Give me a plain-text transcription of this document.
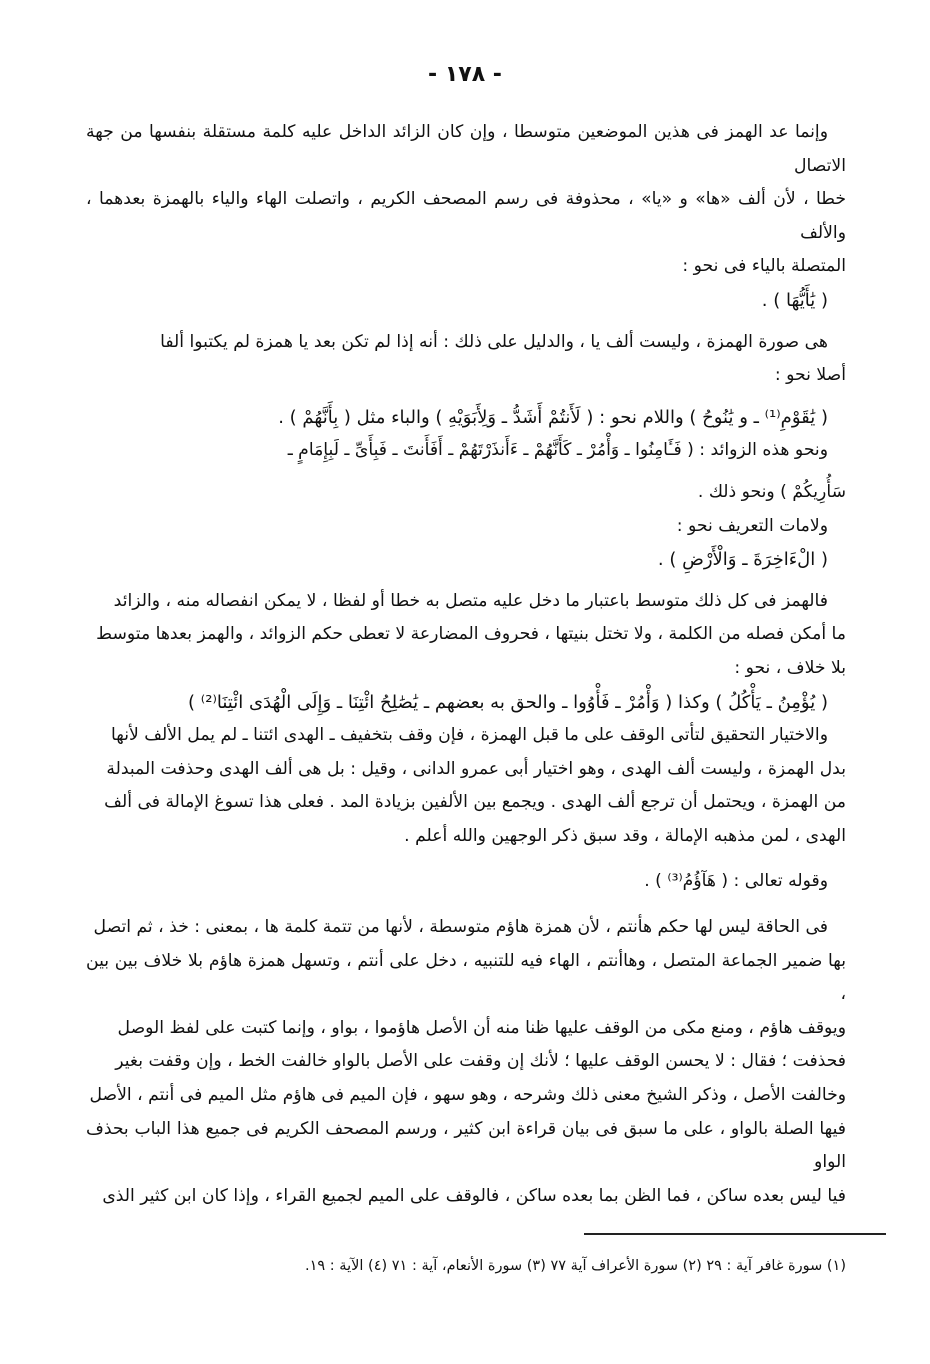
- ١٧٨ -

وإنما عد الهمز فى هذين الموضعين متوسطا ، وإن كان الزائد الداخل عليه كلمة مستقلة بنفسها من جهة الاتصال

خطا ، لأن ألف «ها» و «يا» ، محذوفة فى رسم المصحف الكريم ، واتصلت الهاء والياء بالهمزة بعدهما ، والألف

المتصلة بالياء فى نحو :

( يَٰأَيُّهَا ) .

هى صورة الهمزة ، وليست ألف يا ، والدليل على ذلك : أنه إذا لم تكن بعد يا همزة لم يكتبوا ألفا

أصلا نحو :

( يَٰقَوْمِ⁽¹⁾ ـ و يَٰنُوحُ ) واللام نحو : ( لَأَنتُمْ أَشَدُّ ـ وَلِأَبَوَيْهِ ) والباء مثل ( بِأَنَّهُمْ ) .

ونحو هذه الزوائد : ( فَـَٔامِنُوا ـ وَأْمُرْ ـ كَأَنَّهُمْ ـ ءَأَنذَرْتَهُمْ ـ أَفَأَنتَ ـ فَبِأَىِّ ـ لَبِإِمَامٍ ـ

سَأُرِيكُمْ ) ونحو ذلك .

ولامات التعريف نحو :

( الْءَاخِرَةَ ـ وَالْأَرْضِ ) .

فالهمز فى كل ذلك متوسط باعتبار ما دخل عليه متصل به خطا أو لفظا ، لا يمكن انفصاله منه ، والزائد

ما أمكن فصله من الكلمة ، ولا تختل بنيتها ، فحروف المضارعة لا تعطى حكم الزوائد ، والهمز بعدها متوسط

بلا خلاف ، نحو :

( يُؤْمِنُ ـ يَأْكُلُ ) وكذا ( وَأْمُرْ ـ فَأْوُوا ـ والحق به بعضهم ـ يَٰصَٰلِحُ ائْتِنَا ـ وَإِلَى الْهُدَى ائْتِنَا⁽²⁾ )

والاختيار التحقيق لتأتى الوقف على ما قبل الهمزة ، فإن وقف بتخفيف ـ الهدى ائتنا ـ لم يمل الألف لأنها

بدل الهمزة ، وليست ألف الهدى ، وهو اختيار أبى عمرو الدانى ، وقيل : بل هى ألف الهدى وحذفت المبدلة

من الهمزة ، ويحتمل أن ترجع ألف الهدى . ويجمع بين الألفين بزيادة المد . فعلى هذا تسوغ الإمالة فى ألف

الهدى ، لمن مذهبه الإمالة ، وقد سبق ذكر الوجهين والله أعلم .

وقوله تعالى : ( هَآؤُمُ⁽³⁾ ) .

فى الحاقة ليس لها حكم هأنتم ، لأن همزة هاؤم متوسطة ، لأنها من تتمة كلمة ها ، بمعنى : خذ ، ثم اتصل

بها ضمير الجماعة المتصل ، وهاأنتم ، الهاء فيه للتنبيه ، دخل على أنتم ، وتسهل همزة هاؤم بلا خلاف بين بين ،

ويوقف هاؤم ، ومنع مكى من الوقف عليها ظنا منه أن الأصل هاؤموا ، بواو ، وإنما كتبت على لفظ الوصل

فحذفت ؛ فقال : لا يحسن الوقف عليها ؛ لأنك إن وقفت على الأصل بالواو خالفت الخط ، وإن وقفت بغير

وخالفت الأصل ، وذكر الشيخ معنى ذلك وشرحه ، وهو سهو ، فإن الميم فى هاؤم مثل الميم فى أنتم ، الأصل

فيها الصلة بالواو ، على ما سبق فى بيان قراءة ابن كثير ، ورسم المصحف الكريم فى جميع هذا الباب بحذف الواو

فيا ليس بعده ساكن ، فما الظن بما بعده ساكن ، فالوقف على الميم لجميع القراء ، وإذا كان ابن كثير الذى

(١) سورة غافر آية : ٢٩ (٢) سورة الأعراف آية ٧٧ (٣) سورة الأنعام، آية : ٧١ (٤) الآية : ١٩.
